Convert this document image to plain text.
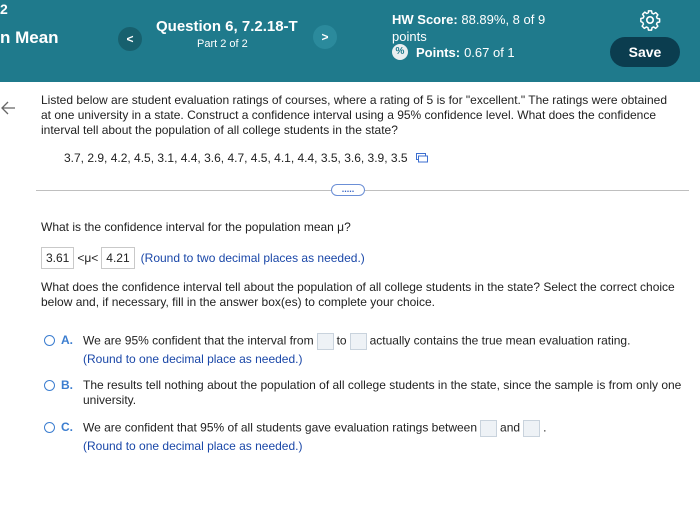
2
n Mean	<
Question 6, 7.2.18-T
Part 2 of 2	>
HW Score: 88.89%, 8 of 9
points
% Points: 0.67 of 1	Save
Listed below are student evaluation ratings of courses, where a rating of 5 is for "excellent." The ratings were obtained at one university in a state. Construct a confidence interval using a 95% confidence level. What does the confidence interval tell about the population of all college students in the state?
3.7, 2.9, 4.2, 4.5, 3.1, 4.4, 3.6, 4.7, 4.5, 4.1, 4.4, 3.5, 3.6, 3.9, 3.5
.....
What is the confidence interval for the population mean μ?
3.61 <μ< 4.21 (Round to two decimal places as needed.)
What does the confidence interval tell about the population of all college students in the state? Select the correct choice below and, if necessary, fill in the answer box(es) to complete your choice.
A. We are 95% confident that the interval from to actually contains the true mean evaluation rating.
(Round to one decimal place as needed.)
B. The results tell nothing about the population of all college students in the state, since the sample is from only one university.
C. We are confident that 95% of all students gave evaluation ratings between and .
(Round to one decimal place as needed.)
